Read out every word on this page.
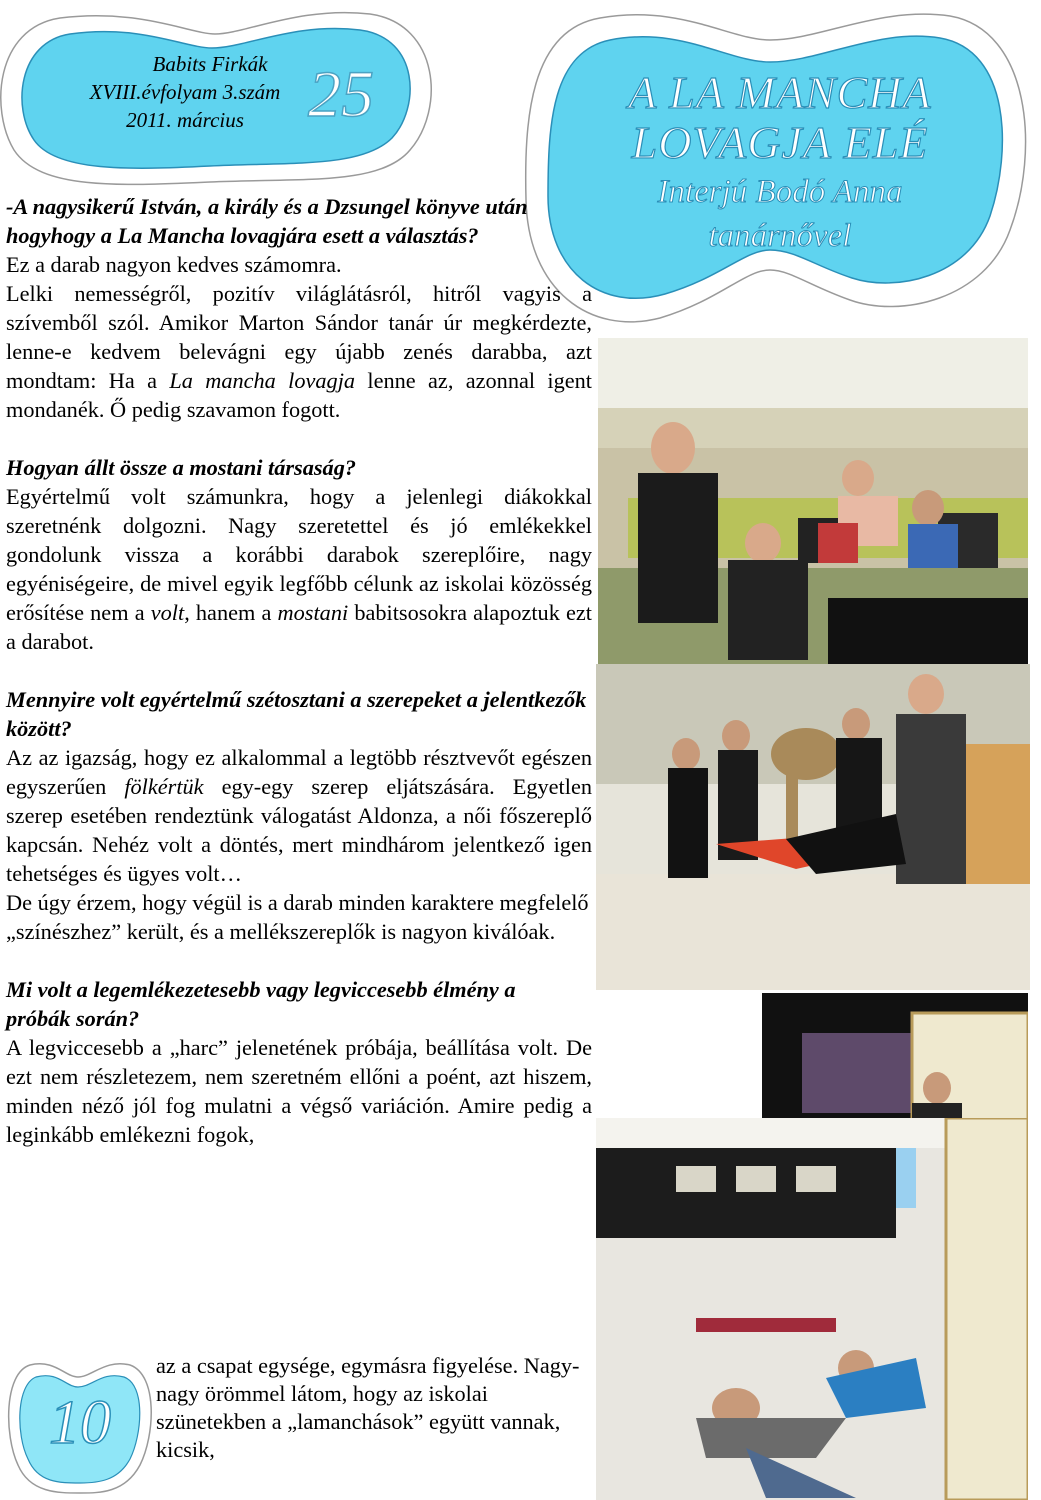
Babits Firkák
XVIII.évfolyam 3.szám
2011. március 25	A LA MANCHA
LOVAGJA ELÉ
Interjú Bodó Anna
tanárnővel

-A nagysikerű István, a király és a Dzsungel könyve után hogyhogy a La Mancha lovagjára esett a választás?

Ez a darab nagyon kedves számomra.

Lelki nemességről, pozitív világlátásról, hitről vagyis a szívemből szól. Amikor Marton Sándor tanár úr megkérdezte, lenne-e kedvem belevágni egy újabb zenés darabba, azt mondtam: Ha a La mancha lovagja lenne az, azonnal igent mondanék. Ő pedig szavamon fogott.

Hogyan állt össze a mostani társaság?

Egyértelmű volt számunkra, hogy a jelenlegi diákokkal szeretnénk dolgozni. Nagy szeretettel és jó emlékekkel gondolunk vissza a korábbi darabok szereplőire, nagy egyéniségeire, de mivel egyik legfőbb célunk az iskolai közösség erősítése nem a volt, hanem a mostani babitsosokra alapoztuk ezt a darabot.

Mennyire volt egyértelmű szétosztani a szerepeket a jelentkezők között?

Az az igazság, hogy ez alkalommal a legtöbb résztvevőt egészen egyszerűen fölkértük egy-egy szerep eljátszására. Egyetlen szerep esetében rendeztünk válogatást Aldonza, a női főszereplő kapcsán. Nehéz volt a döntés, mert mindhárom jelentkező igen tehetséges és ügyes volt…

De úgy érzem, hogy végül is a darab minden karaktere megfelelő „színészhez” került, és a mellékszereplők is nagyon kiválóak.

Mi volt a legemlékezetesebb vagy legviccesebb élmény a próbák során?

A legviccesebb a „harc” jelenetének próbája, beállítása volt. De ezt nem részletezem, nem szeretném ellőni a poént, azt hiszem, minden néző jól fog mulatni a végső variáción. Amire pedig a leginkább emlékezni fogok,

az a csapat egysége, egymásra figyelése. Nagy-nagy örömmel látom, hogy az iskolai szünetekben a „lamanchások” együtt vannak, kicsik,

10
